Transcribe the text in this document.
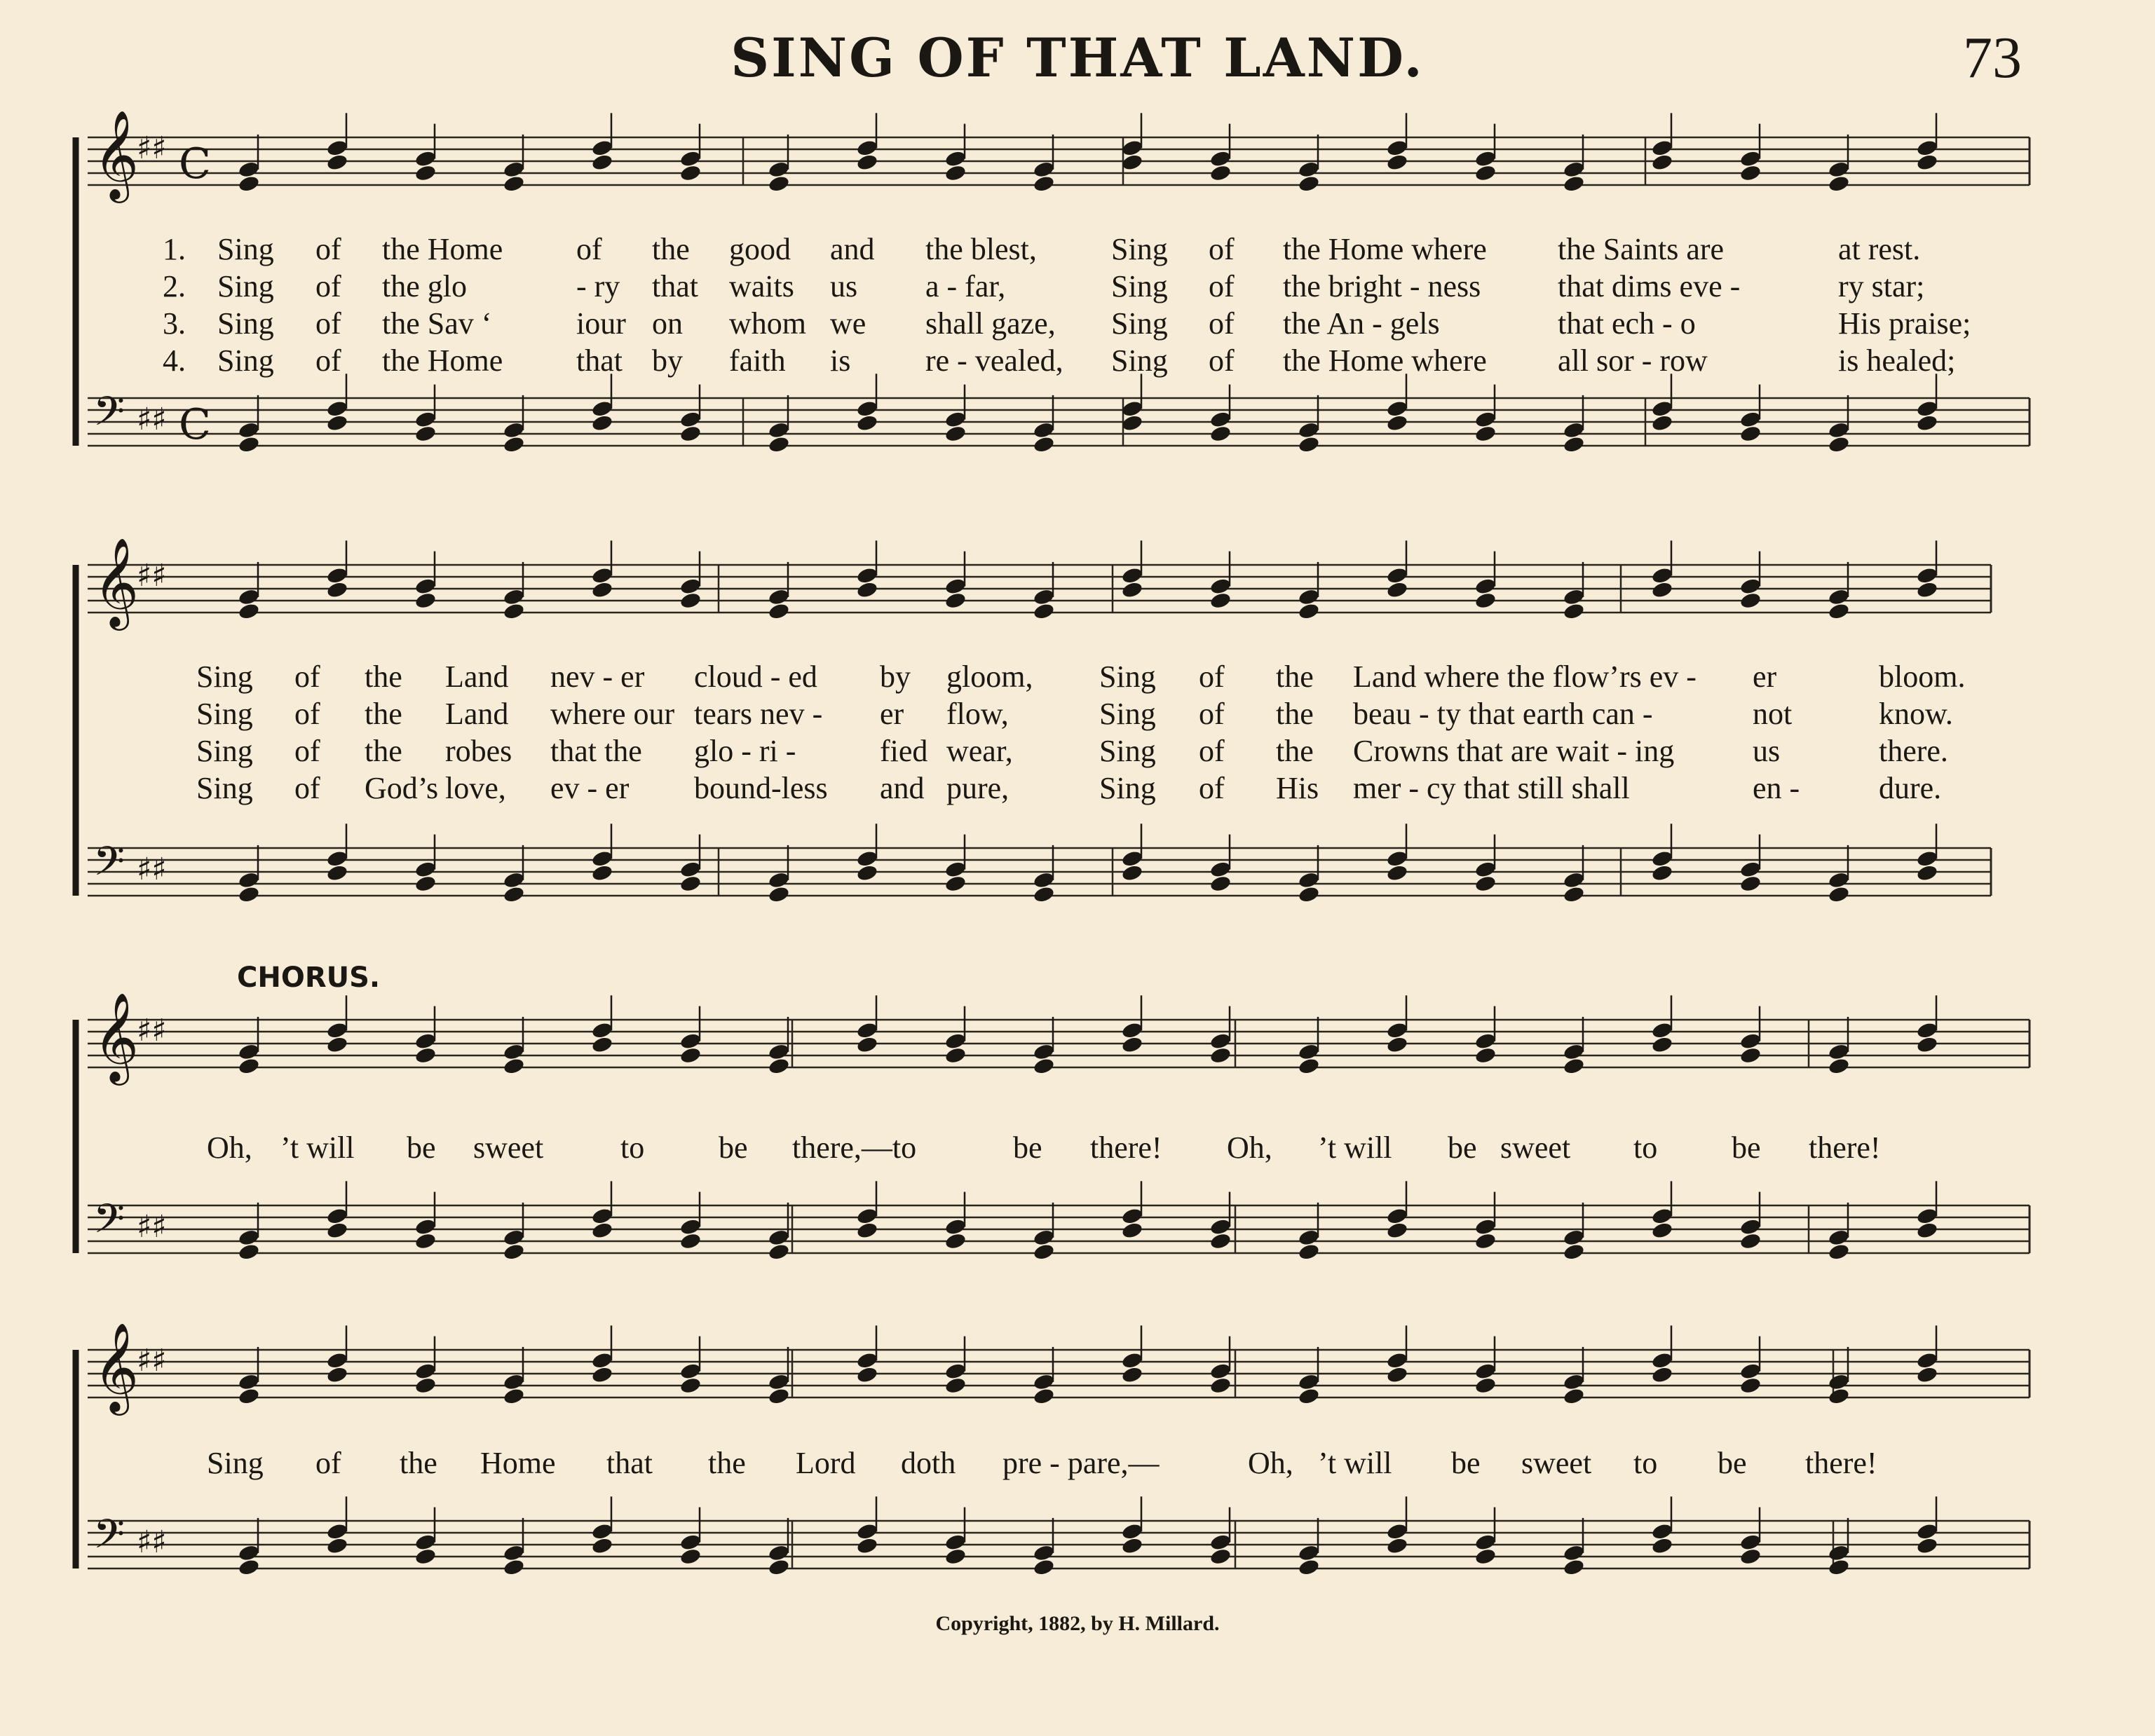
SING OF THAT LAND.	73
𝄞
♯♯ C
𝄢 ♯♯ C
𝄞
♯♯
𝄢 ♯♯
𝄞
♯♯
𝄢 ♯♯
𝄞
♯♯
𝄢 ♯♯
1. Sing of the Home of the good and the blest, Sing of the Home where the Saints are	at rest.
2. Sing of the glo	- ry that waits us a - far,	Sing of the bright - ness that dims eve -	ry star;
3. Sing of the Sav ‘	iour on whom we shall gaze, Sing of the An - gels	that ech - o	His praise;
4. Sing of the Home that by faith is re - vealed, Sing of the Home where all sor - row	is healed;
Sing of the Land nev - er cloud - ed by gloom, Sing of the Land where the flow’rs ev - er	bloom.
Sing of the Land where our tears nev - er flow,	Sing of the beau - ty that earth can -	not	know.
Sing of the robes that the glo - ri -	fied wear,	Sing of the Crowns that are wait - ing	us	there.
Sing of God’s love, ev - er bound-less and pure,	Sing of His mer - cy that still shall	en -	dure.
CHORUS.
Oh, ’t will be sweet to be there,—to	be there! Oh, ’t will be sweet to be there!
Sing of the Home that the Lord doth pre - pare,—	Oh, ’t will be sweet to be there!
Copyright, 1882, by H. Millard.
